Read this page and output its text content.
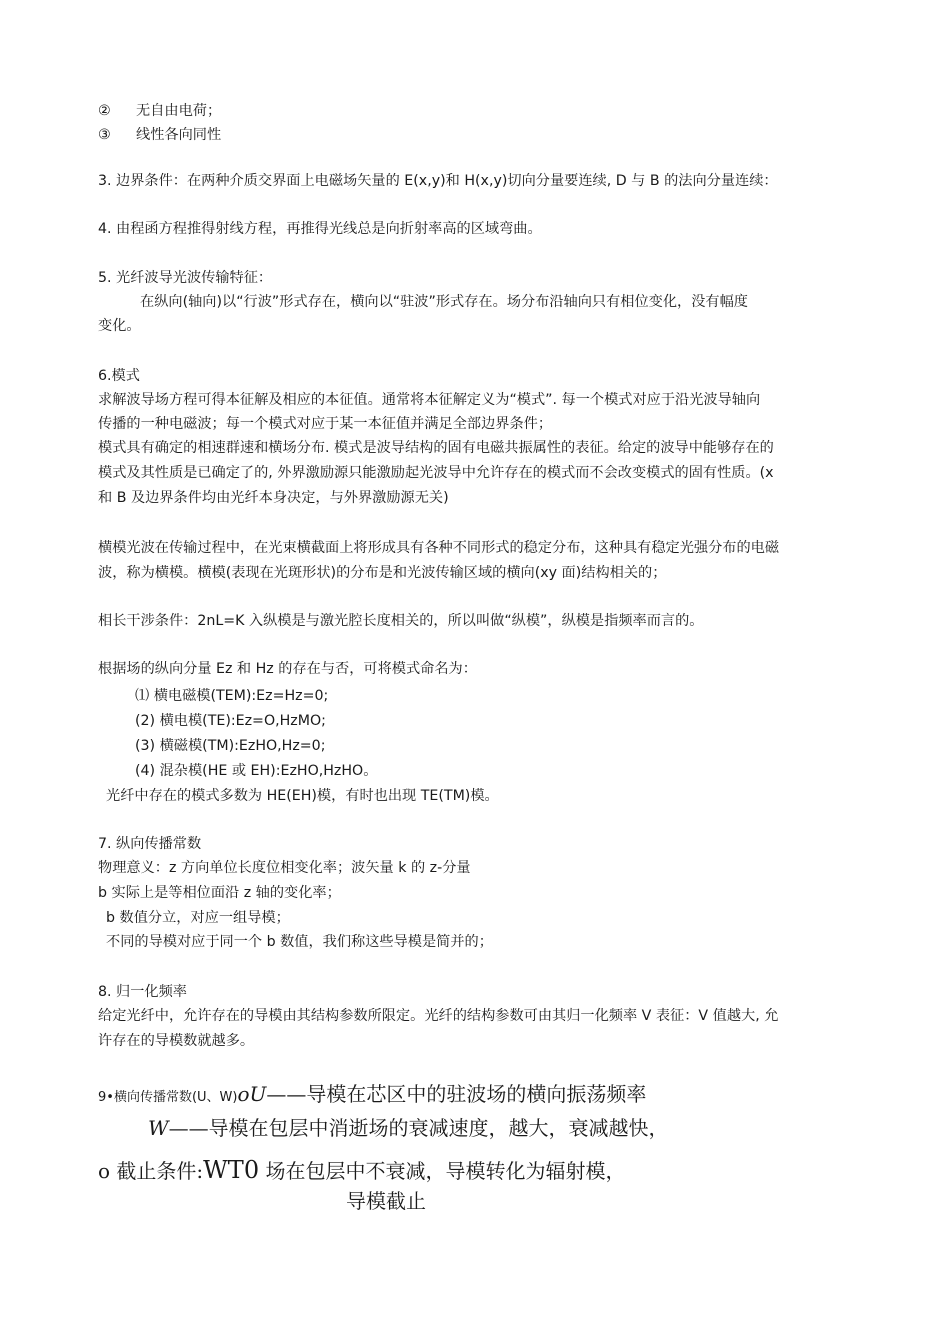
② 无自由电荷；
③ 线性各向同性
3. 边界条件：在两种介质交界面上电磁场矢量的 E(x,y)和 H(x,y)切向分量要连续, D 与 B 的法向分量连续：
4. 由程函方程推得射线方程，再推得光线总是向折射率高的区域弯曲。
5. 光纤波导光波传输特征：
在纵向(轴向)以“行波”形式存在，横向以“驻波”形式存在。场分布沿轴向只有相位变化，没有幅度
变化。
6.模式
求解波导场方程可得本征解及相应的本征值。通常将本征解定义为“模式”. 每一个模式对应于沿光波导轴向
传播的一种电磁波；每一个模式对应于某一本征值并满足全部边界条件；
模式具有确定的相速群速和横场分布. 模式是波导结构的固有电磁共振属性的表征。给定的波导中能够存在的
模式及其性质是已确定了的, 外界激励源只能激励起光波导中允许存在的模式而不会改变模式的固有性质。(x
和 B 及边界条件均由光纤本身决定，与外界激励源无关)
横模光波在传输过程中，在光束横截面上将形成具有各种不同形式的稳定分布，这种具有稳定光强分布的电磁
波，称为横模。横模(表现在光斑形状)的分布是和光波传输区域的横向(xy 面)结构相关的；
相长干涉条件：2nL=K 入纵模是与激光腔长度相关的，所以叫做“纵模”，纵模是指频率而言的。
根据场的纵向分量 Ez 和 Hz 的存在与否，可将模式命名为：
⑴ 横电磁模(TEM):Ez=Hz=0;
(2) 横电模(TE):Ez=O,HzMO;
(3) 横磁模(TM):EzHO,Hz=0;
(4) 混杂模(HE 或 EH):EzHO,HzHO。
光纤中存在的模式多数为 HE(EH)模，有时也出现 TE(TM)模。
7. 纵向传播常数
物理意义：z 方向单位长度位相变化率；波矢量 k 的 z-分量
b 实际上是等相位面沿 z 轴的变化率；
b 数值分立，对应一组导模；
不同的导模对应于同一个 b 数值，我们称这些导模是简并的；
8. 归一化频率
给定光纤中，允许存在的导模由其结构参数所限定。光纤的结构参数可由其归一化频率 V 表征：V 值越大, 允
许存在的导模数就越多。
9•横向传播常数(U、W)oU——导模在芯区中的驻波场的横向振荡频率
W——导模在包层中消逝场的衰减速度，越大，衰减越快，
o 截止条件:WT0 场在包层中不衰减，导模转化为辐射模，
导模截止
